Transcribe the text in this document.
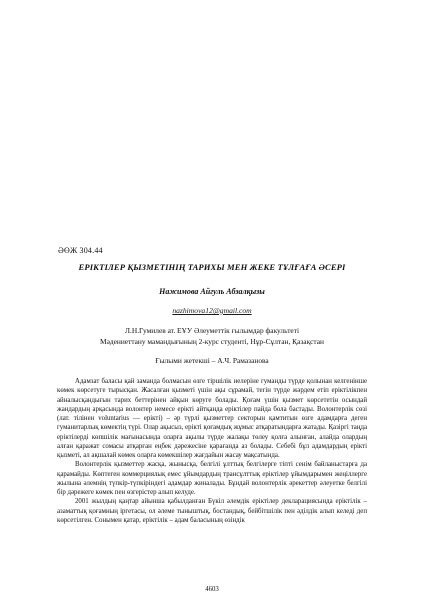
ӘӨЖ 304.44
ЕРІКТІЛЕР ҚЫЗМЕТІНІҢ ТАРИХЫ МЕН ЖЕКЕ ТҰЛҒАҒА ӘСЕРІ
Нажимова Айгуль Абзалқызы
nazhimova12@gmail.com
Л.Н.Гумилев ат. ЕҰУ Әлеуметтік ғылымдар факультеті
Мәдениеттану мамандығының 2-курс студенті, Нұр-Сұлтан, Қазақстан
Ғылыми жетекші – А.Ч. Рамазанова

Адамзат баласы қай заманда болмасын өзге тіршілік иелеріне гуманды түрде қолынан келгенінше көмек көрсетуге тырысқан. Жасалған қызметі үшін ақы сұрамай, тегін түрде жәрдем етіп еріктілікпен айналысқандығын тарих беттерінен айқын көруге болады. Қоғам үшін қызмет көрсететін осындай жандардың арқасында волонтер немесе ерікті айтқанда еріктілер пайда бола бастады. Волонтерлік сөзі (лат. тілінен voluntarius — ерікті) – әр түрлі қызметтер секторын қамтитын өзге адамдарға деген гуманитарлық көмектің түрі. Олар ақысыз, ерікті қоғамдық жұмыс атқаратындарға жатады. Қазіргі таңда еріктілерді көпшілік мағынасында оларға ақылы түрде жалақы төлеу қолға алынған, алайда олардың алған қаражат сомасы атқарған еңбек дәрежесіне қарағанда аз болады. Себебі бұл адамдардың ерікті қызметі, ал ақшалай көмек оларға көмекшілер жағдайын жасау мақсатында.

Волонтерлік қызметтер жасқа, жынысқа, белгілі ұлттық белгілерге тіпті сенім байланыстарға да қарамайды. Көптеген коммерциялық емес ұйымдардың трансұлттық еріктілер ұйымдарымен жеңіллерге жылына әлемнің түпкір-түпкіріндегі адамдар жиналады. Бұндай волонтерлік әрекеттер әлеуетке белгілі бір дәрежеге көмек пен өзгерістер алып келуде.

2001 жылдың қаңтар айынша қабылданған Бүкіл әлемдік еріктілер декларациясында еріктілік – азаматтық қоғамның іргетасы, ол әлеме тыныштық, бостандық, бейбітшілік пен әділдік алып келеді деп көрсетілген. Сонымен қатар, еріктілік – адам баласының өзіндік

4603
